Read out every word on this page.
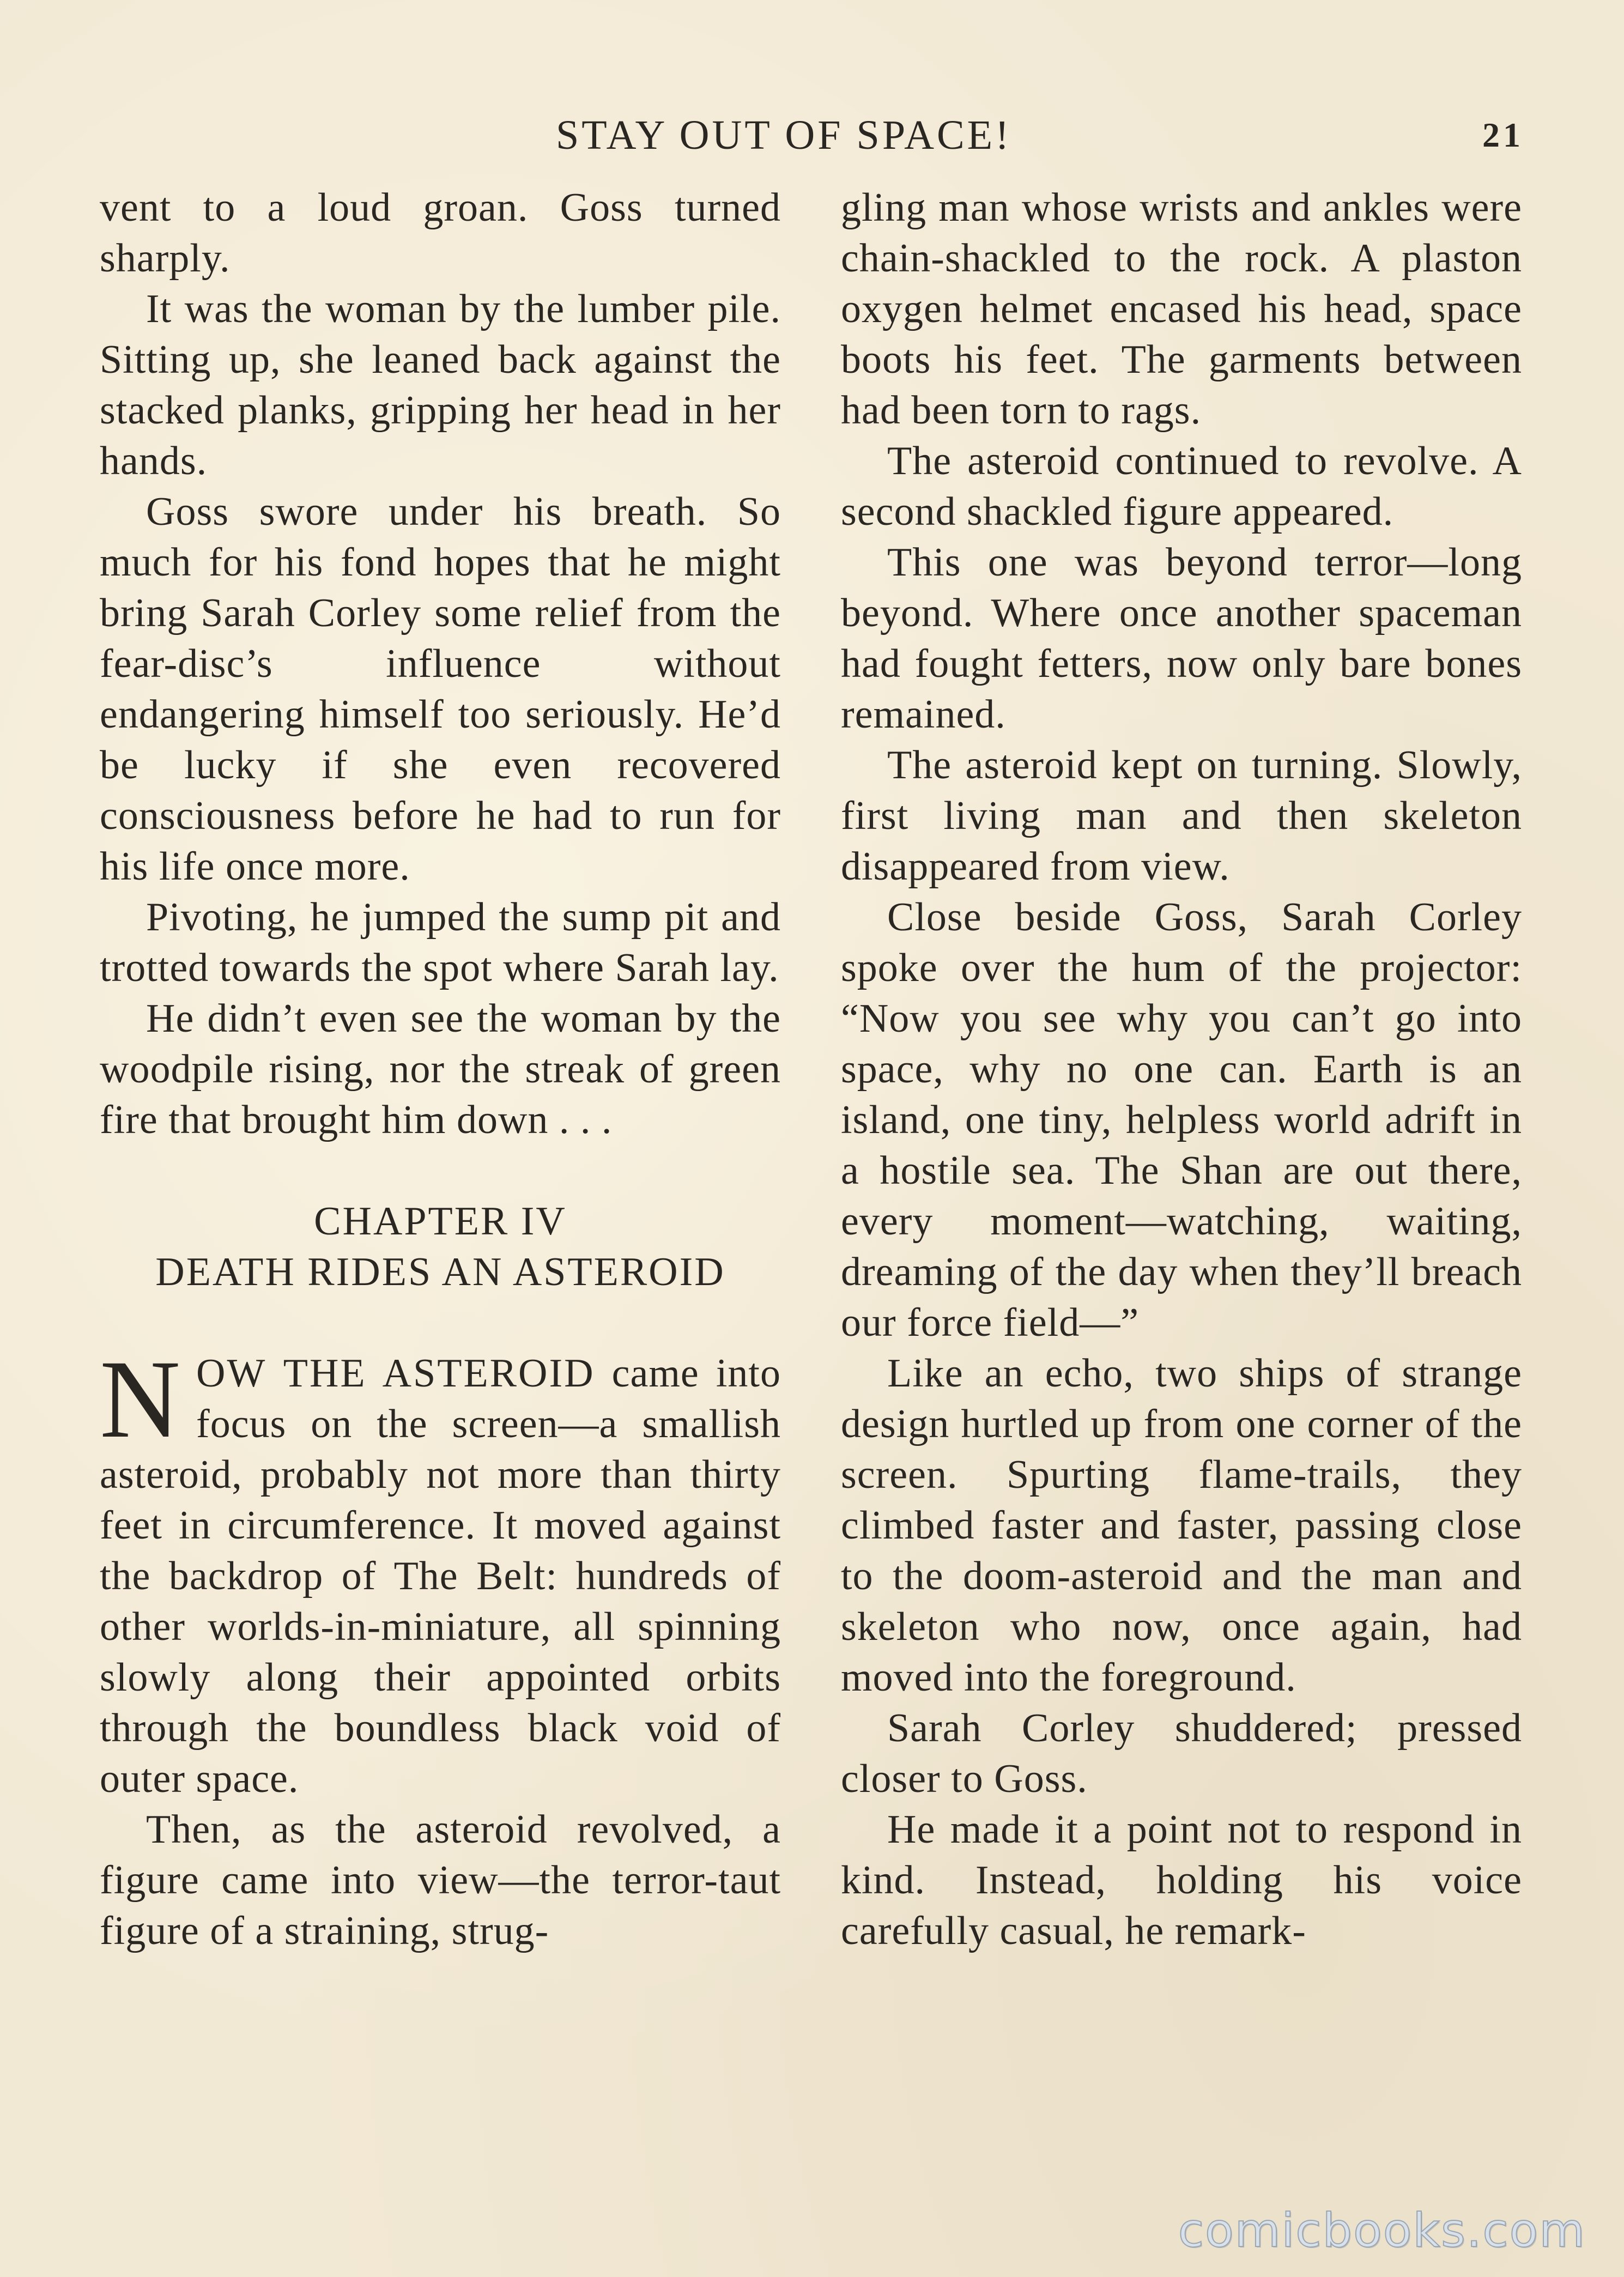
STAY OUT OF SPACE!	21

vent to a loud groan. Goss turned sharply.

It was the woman by the lumber pile. Sitting up, she leaned back against the stacked planks, gripping her head in her hands.

Goss swore under his breath. So much for his fond hopes that he might bring Sarah Corley some relief from the fear-disc’s influence without endangering himself too seriously. He’d be lucky if she even recovered consciousness before he had to run for his life once more.

Pivoting, he jumped the sump pit and trotted towards the spot where Sarah lay.

He didn’t even see the woman by the woodpile rising, nor the streak of green fire that brought him down . . .

CHAPTER IV
DEATH RIDES AN ASTEROID

NOW THE ASTEROID came into focus on the screen—a smallish asteroid, probably not more than thirty feet in circumference. It moved against the backdrop of The Belt: hundreds of other worlds-in-miniature, all spinning slowly along their appointed orbits through the boundless black void of outer space.

Then, as the asteroid revolved, a figure came into view—the terror-taut figure of a straining, strug-

gling man whose wrists and ankles were chain-shackled to the rock. A plaston oxygen helmet encased his head, space boots his feet. The garments between had been torn to rags.

The asteroid continued to revolve. A second shackled figure appeared.

This one was beyond terror—long beyond. Where once another spaceman had fought fetters, now only bare bones remained.

The asteroid kept on turning. Slowly, first living man and then skeleton disappeared from view.

Close beside Goss, Sarah Corley spoke over the hum of the projector: “Now you see why you can’t go into space, why no one can. Earth is an island, one tiny, helpless world adrift in a hostile sea. The Shan are out there, every moment—watching, waiting, dreaming of the day when they’ll breach our force field—”

Like an echo, two ships of strange design hurtled up from one corner of the screen. Spurting flame-trails, they climbed faster and faster, passing close to the doom-asteroid and the man and skeleton who now, once again, had moved into the foreground.

Sarah Corley shuddered; pressed closer to Goss.

He made it a point not to respond in kind. Instead, holding his voice carefully casual, he remark-

comicbooks.com
